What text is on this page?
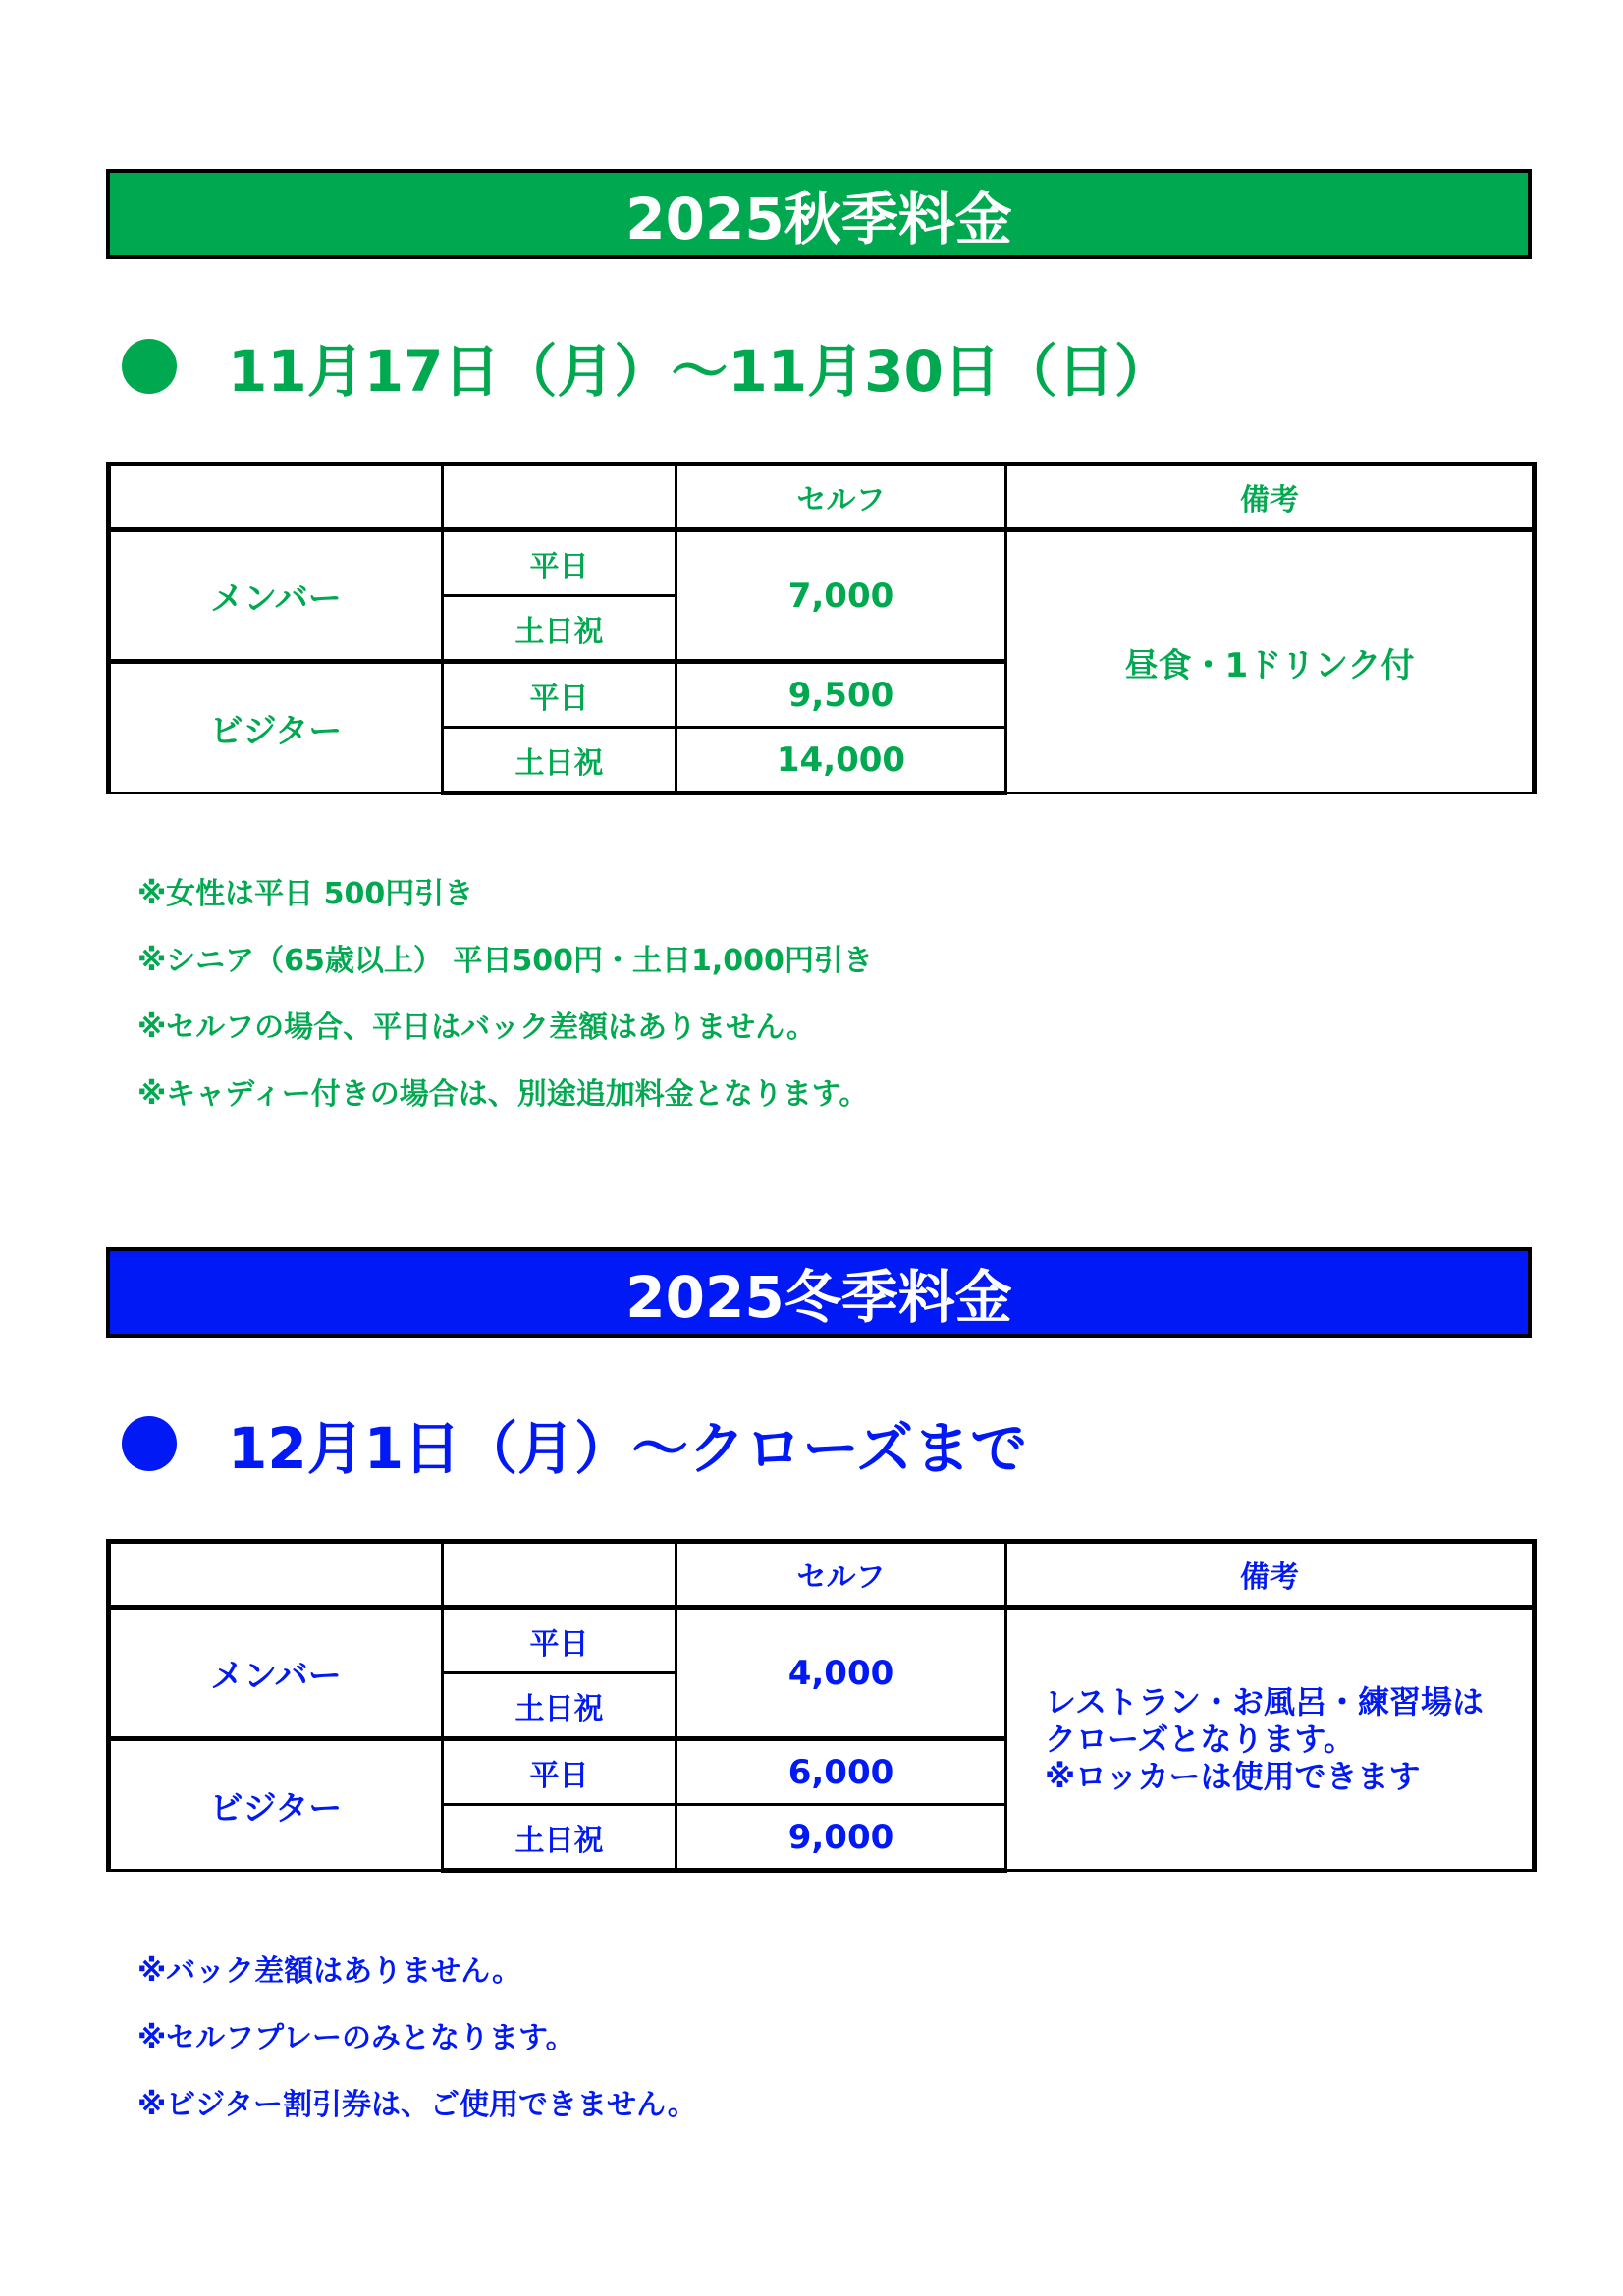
2025秋季料金
11月17日（月）～11月30日（日）
		セルフ	備考
メンバー	平日	7,000	昼食・1ドリンク付
	土日祝		
ビジター	平日	9,500	
	土日祝	14,000	
※女性は平日 500円引き
※シニア（65歳以上） 平日500円・土日1,000円引き
※セルフの場合、平日はバック差額はありません。
※キャディー付きの場合は、別途追加料金となります。
2025冬季料金
12月1日（月）～クローズまで
		セルフ	備考
メンバー	平日	4,000	レストラン・お風呂・練習場は
クローズとなります。
※ロッカーは使用できます

	土日祝		
ビジター	平日	6,000	
	土日祝	9,000	
※バック差額はありません。
※セルフプレーのみとなります。
※ビジター割引券は、ご使用できません。
